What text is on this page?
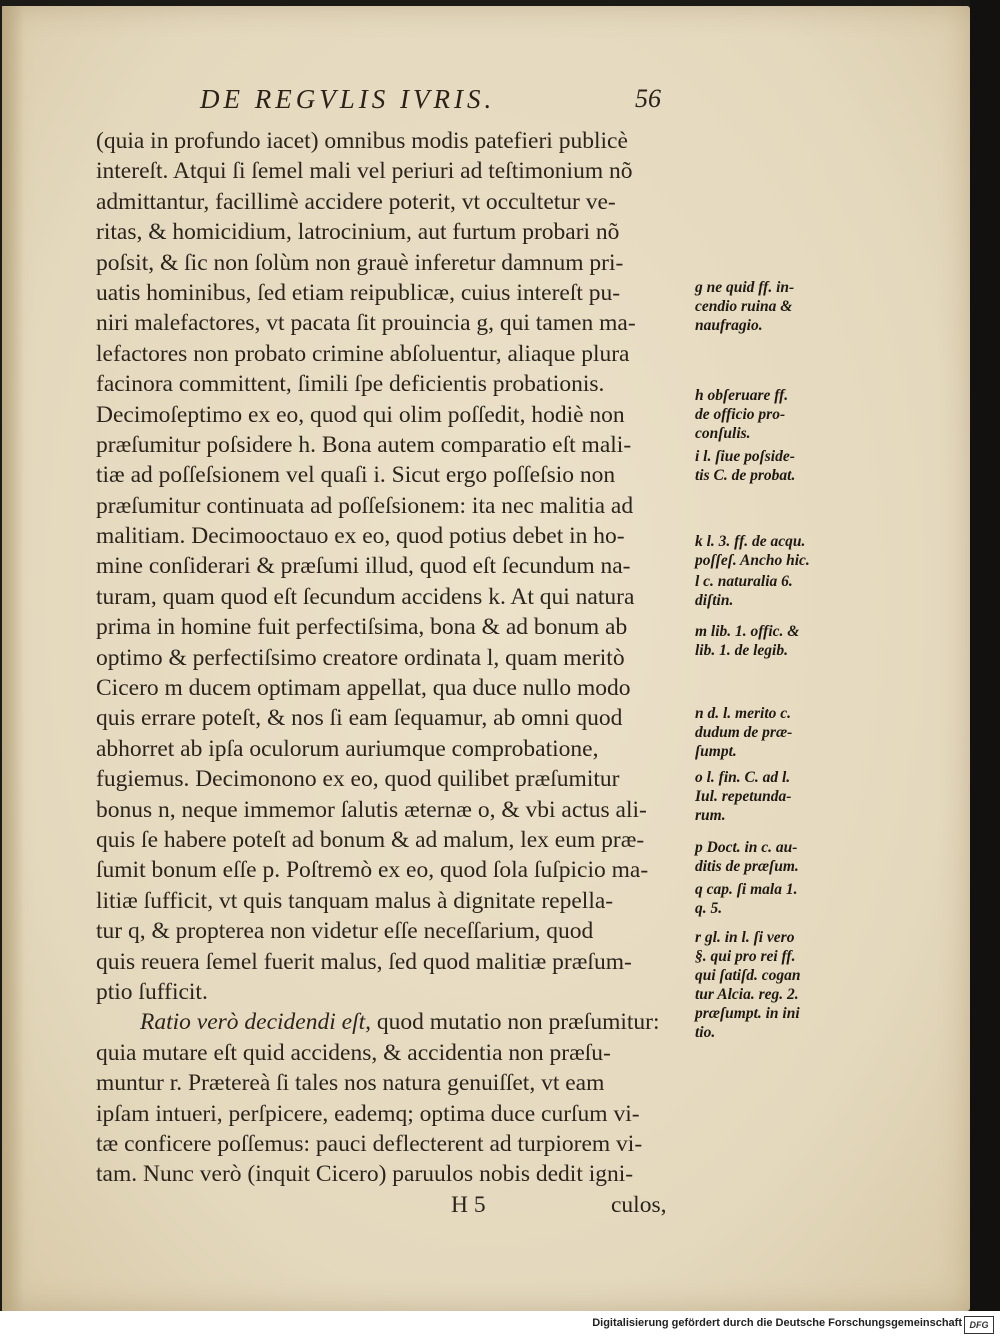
DE REGVLIS IVRIS.	56
(quia in profundo iacet) omnibus modis patefieri publicè
intereſt. Atqui ſi ſemel mali vel periuri ad teſtimonium nõ
admittantur, facillimè accidere poterit, vt occultetur ve-
ritas, & homicidium, latrocinium, aut furtum probari nõ
poſsit, & ſic non ſolùm non grauè inferetur damnum pri-
uatis hominibus, ſed etiam reipublicæ, cuius intereſt pu-
niri malefactores, vt pacata ſit prouincia g, qui tamen ma-
lefactores non probato crimine abſoluentur, aliaque plura
facinora committent, ſimili ſpe deficientis probationis.
Decimoſeptimo ex eo, quod qui olim poſſedit, hodiè non
præſumitur poſsidere h. Bona autem comparatio eſt mali-
tiæ ad poſſeſsionem vel quaſi i. Sicut ergo poſſeſsio non
præſumitur continuata ad poſſeſsionem: ita nec malitia ad
malitiam. Decimooctauo ex eo, quod potius debet in ho-
mine conſiderari & præſumi illud, quod eſt ſecundum na-
turam, quam quod eſt ſecundum accidens k. At qui natura
prima in homine fuit perfectiſsima, bona & ad bonum ab
optimo & perfectiſsimo creatore ordinata l, quam meritò
Cicero m ducem optimam appellat, qua duce nullo modo
quis errare poteſt, & nos ſi eam ſequamur, ab omni quod
abhorret ab ipſa oculorum auriumque comprobatione,
fugiemus. Decimonono ex eo, quod quilibet præſumitur
bonus n, neque immemor ſalutis æternæ o, & vbi actus ali-
quis ſe habere poteſt ad bonum & ad malum, lex eum præ-
ſumit bonum eſſe p. Poſtremò ex eo, quod ſola ſuſpicio ma-
litiæ ſufficit, vt quis tanquam malus à dignitate repella-
tur q, & propterea non videtur eſſe neceſſarium, quod
quis reuera ſemel fuerit malus, ſed quod malitiæ præſum-
ptio ſufficit.
Ratio verò decidendi eſt, quod mutatio non præſumitur:
quia mutare eſt quid accidens, & accidentia non præſu-
muntur r. Prætereà ſi tales nos natura genuiſſet, vt eam
ipſam intueri, perſpicere, eademq; optima duce curſum vi-
tæ conficere poſſemus: pauci deflecterent ad turpiorem vi-
tam. Nunc verò (inquit Cicero) paruulos nobis dedit igni-
H 5	culos,
g ne quid ff. in-
cendio ruina &
naufragio.
h obſeruare ff.
de officio pro-
conſulis.
i l. ſiue poſside-
tis C. de probat.
k l. 3. ff. de acqu.
poſſeſ. Ancho hic.
l c. naturalia 6.
diſtin.
m lib. 1. offic. &
lib. 1. de legib.
n d. l. merito c.
dudum de præ-
ſumpt.
o l. fin. C. ad l.
Iul. repetunda-
rum.
p Doct. in c. au-
ditis de præſum.
q cap. ſi mala 1.
q. 5.
r gl. in l. ſi vero
§. qui pro rei ff.
qui ſatiſd. cogan
tur Alcia. reg. 2.
præſumpt. in ini
tio.
Digitalisierung gefördert durch die Deutsche Forschungsgemeinschaft DFG
